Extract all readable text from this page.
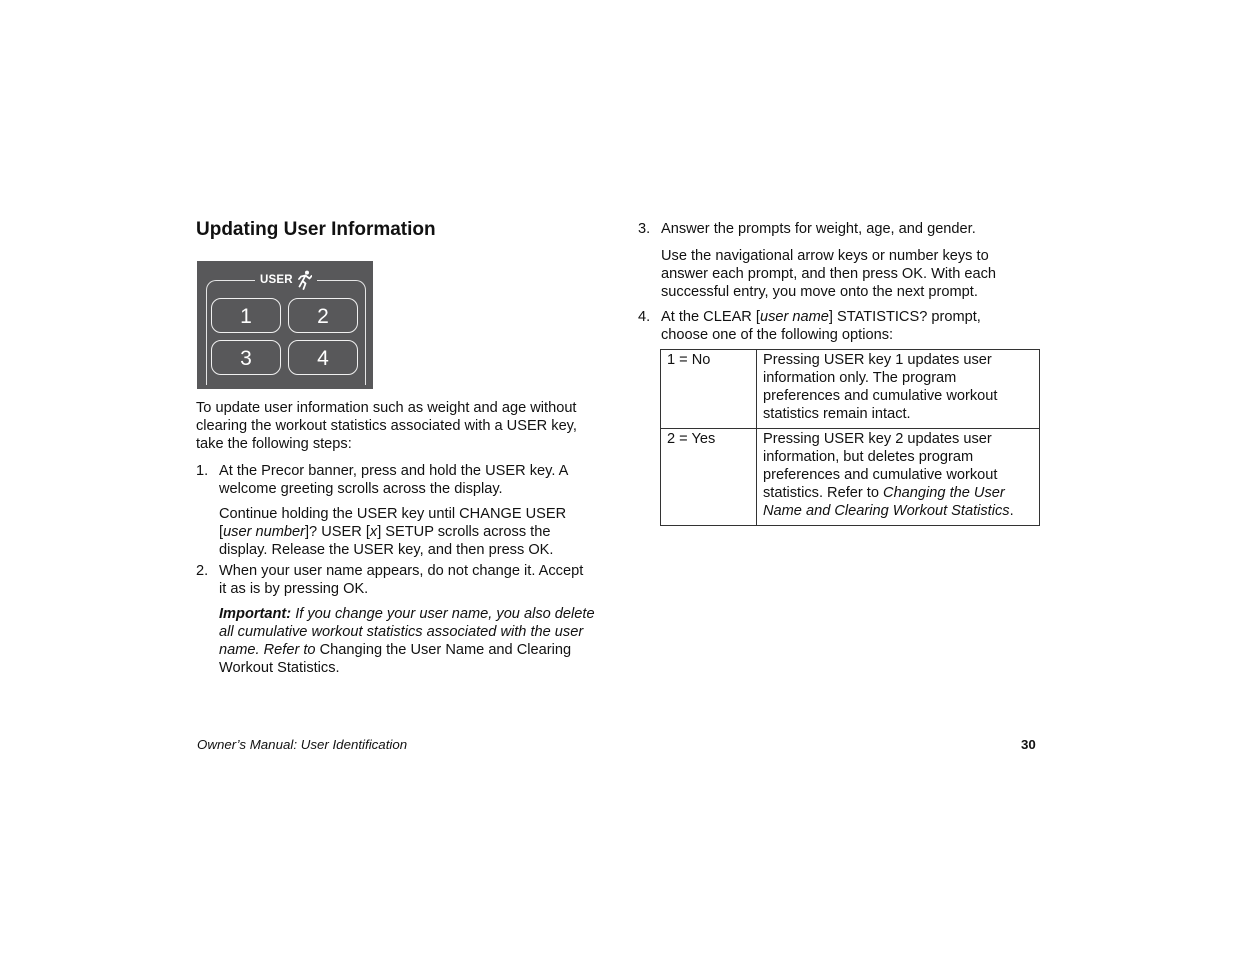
Updating User Information
USER
1	2
3	4

To update user information such as weight and age without clearing the workout statistics associated with a USER key, take the following steps:

1. At the Precor banner, press and hold the USER key. A welcome greeting scrolls across the display.

Continue holding the USER key until CHANGE USER [user number]? USER [x] SETUP scrolls across the display. Release the USER key, and then press OK.

2. When your user name appears, do not change it. Accept it as is by pressing OK.

Important: If you change your user name, you also delete all cumulative workout statistics associated with the user name. Refer to Changing the User Name and Clearing Workout Statistics.

3. Answer the prompts for weight, age, and gender.

Use the navigational arrow keys or number keys to answer each prompt, and then press OK. With each successful entry, you move onto the next prompt.

4. At the CLEAR [user name] STATISTICS? prompt, choose one of the following options:

1 = No	Pressing USER key 1 updates user information only. The program preferences and cumulative workout statistics remain intact.
2 = Yes	Pressing USER key 2 updates user information, but deletes program preferences and cumulative workout statistics. Refer to Changing the User Name and Clearing Workout Statistics.
Owner’s Manual: User Identification	30
